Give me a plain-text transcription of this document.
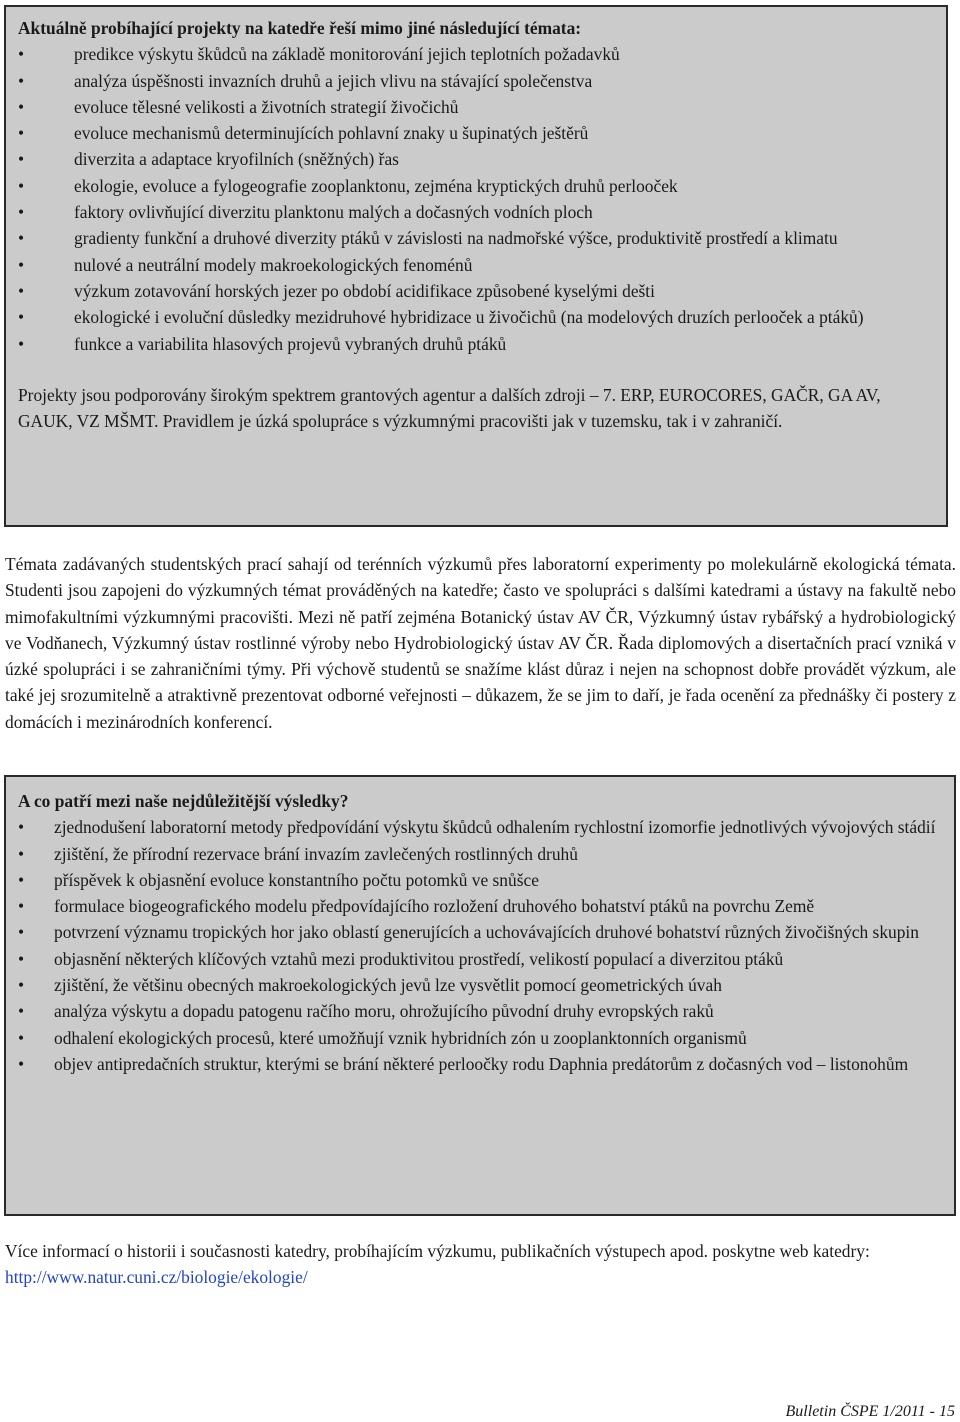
Aktuálně probíhající projekty na katedře řeší mimo jiné následující témata:

•	predikce výskytu škůdců na základě monitorování jejich teplotních požadavků
•	analýza úspěšnosti invazních druhů a jejich vlivu na stávající společenstva
•	evoluce tělesné velikosti a životních strategií živočichů
•	evoluce mechanismů determinujících pohlavní znaky u šupinatých ještěrů
•	diverzita a adaptace kryofilních (sněžných) řas
•	ekologie, evoluce a fylogeografie zooplanktonu, zejména kryptických druhů perlooček
•	faktory ovlivňující diverzitu planktonu malých a dočasných vodních ploch
•	gradienty funkční a druhové diverzity ptáků v závislosti na nadmořské výšce, produktivitě prostředí a klimatu
•	nulové a neutrální modely makroekologických fenoménů
•	výzkum zotavování horských jezer po období acidifikace způsobené kyselými dešti
•	ekologické i evoluční důsledky mezidruhové hybridizace u živočichů (na modelových druzích perlooček a ptáků)
•	funkce a variabilita hlasových projevů vybraných druhů ptáků

Projekty jsou podporovány širokým spektrem grantových agentur a dalších zdroji – 7. ERP, EUROCORES, GAČR, GA AV, GAUK, VZ MŠMT. Pravidlem je úzká spolupráce s výzkumnými pracovišti jak v tuzemsku, tak i v zahraničí.

Témata zadávaných studentských prací sahají od terénních výzkumů přes laboratorní experimenty po molekulárně ekologická témata. Studenti jsou zapojeni do výzkumných témat prováděných na katedře; často ve spolupráci s dalšími katedrami a ústavy na fakultě nebo mimofakultními výzkumnými pracovišti. Mezi ně patří zejména Botanický ústav AV ČR, Výzkumný ústav rybářský a hydrobiologický ve Vodňanech, Výzkumný ústav rostlinné výroby nebo Hydrobiologický ústav AV ČR. Řada diplomových a disertačních prací vzniká v úzké spolupráci i se zahraničními týmy. Při výchově studentů se snažíme klást důraz i nejen na schopnost dobře provádět výzkum, ale také jej srozumitelně a atraktivně prezentovat odborné veřejnosti – důkazem, že se jim to daří, je řada ocenění za přednášky či postery z domácích i mezinárodních konferencí.

A co patří mezi naše nejdůležitější výsledky?

• zjednodušení laboratorní metody předpovídání výskytu škůdců odhalením rychlostní izomorfie jednotlivých vývojových stádií
• zjištění, že přírodní rezervace brání invazím zavlečených rostlinných druhů
• příspěvek k objasnění evoluce konstantního počtu potomků ve snůšce
• formulace biogeografického modelu předpovídajícího rozložení druhového bohatství ptáků na povrchu Země
• potvrzení významu tropických hor jako oblastí generujících a uchovávajících druhové bohatství různých živočišných skupin
• objasnění některých klíčových vztahů mezi produktivitou prostředí, velikostí populací a diverzitou ptáků
• zjištění, že většinu obecných makroekologických jevů lze vysvětlit pomocí geometrických úvah
• analýza výskytu a dopadu patogenu račího moru, ohrožujícího původní druhy evropských raků
• odhalení ekologických procesů, které umožňují vznik hybridních zón u zooplanktonních organismů
• objev antipredačních struktur, kterými se brání některé perloočky rodu Daphnia predátorům z dočasných vod – listonohům

Více informací o historii i současnosti katedry, probíhajícím výzkumu, publikačních výstupech apod. poskytne web katedry: http://www.natur.cuni.cz/biologie/ekologie/

Bulletin ČSPE 1/2011 - 15
